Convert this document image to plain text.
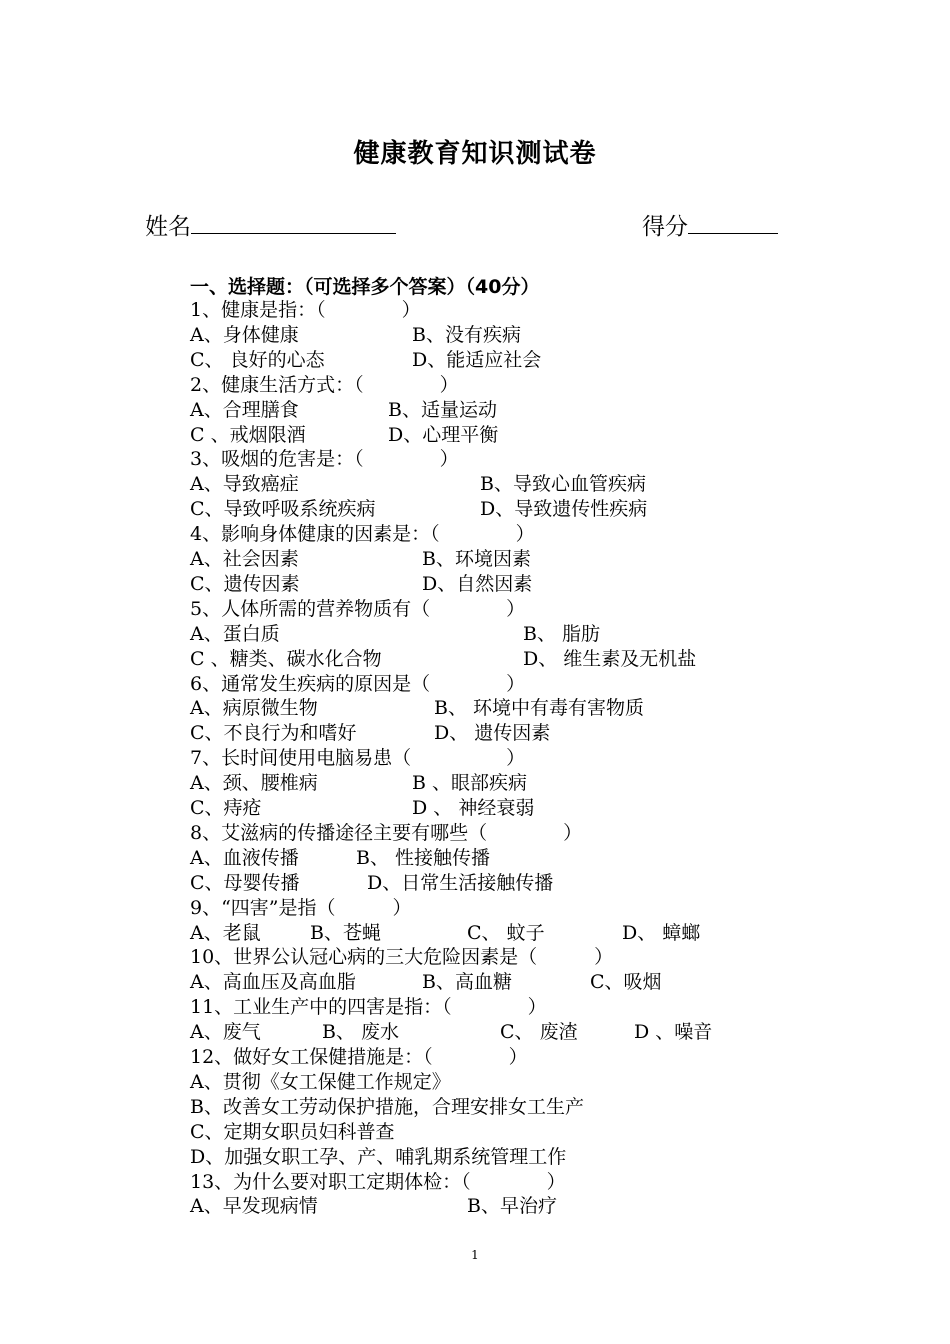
健康教育知识测试卷
姓名	得分
一、选择题：（可选择多个答案）（40分）
1、健康是指：（　　　　）
A、身体健康	B、没有疾病
C、 良好的心态	D、能适应社会
2、健康生活方式：（　　　　）
A、合理膳食	B、适量运动
C 、戒烟限酒	D、心理平衡
3、吸烟的危害是：（　　　　）
A、导致癌症	B、导致心血管疾病
C、导致呼吸系统疾病	D、导致遗传性疾病
4、影响身体健康的因素是：（　　　　）
A、社会因素	B、环境因素
C、遗传因素	D、自然因素
5、人体所需的营养物质有（　　　　）
A、蛋白质	B、 脂肪
C 、糖类、碳水化合物	D、 维生素及无机盐
6、通常发生疾病的原因是（　　　　）
A、病原微生物	B、 环境中有毒有害物质
C、不良行为和嗜好	D、 遗传因素
7、长时间使用电脑易患（　　　　　）
A、颈、腰椎病	B 、眼部疾病
C、痔疮	D 、 神经衰弱
8、艾滋病的传播途径主要有哪些（　　　　）
A、血液传播	B、 性接触传播
C、母婴传播	D、日常生活接触传播
9、“四害”是指（　　　）
A、老鼠	B、苍蝇	C、 蚊子	D、 蟑螂
10、世界公认冠心病的三大危险因素是（　　　）
A、高血压及高血脂	B、高血糖	C、吸烟
11、工业生产中的四害是指：（　　　　）
A、废气	B、 废水	C、 废渣	D 、噪音
12、做好女工保健措施是：（　　　　）
A、贯彻《女工保健工作规定》
B、改善女工劳动保护措施，合理安排女工生产
C、定期女职员妇科普查
D、加强女职工孕、产、哺乳期系统管理工作
13、为什么要对职工定期体检：（　　　　）
A、早发现病情	B、早治疗
1
